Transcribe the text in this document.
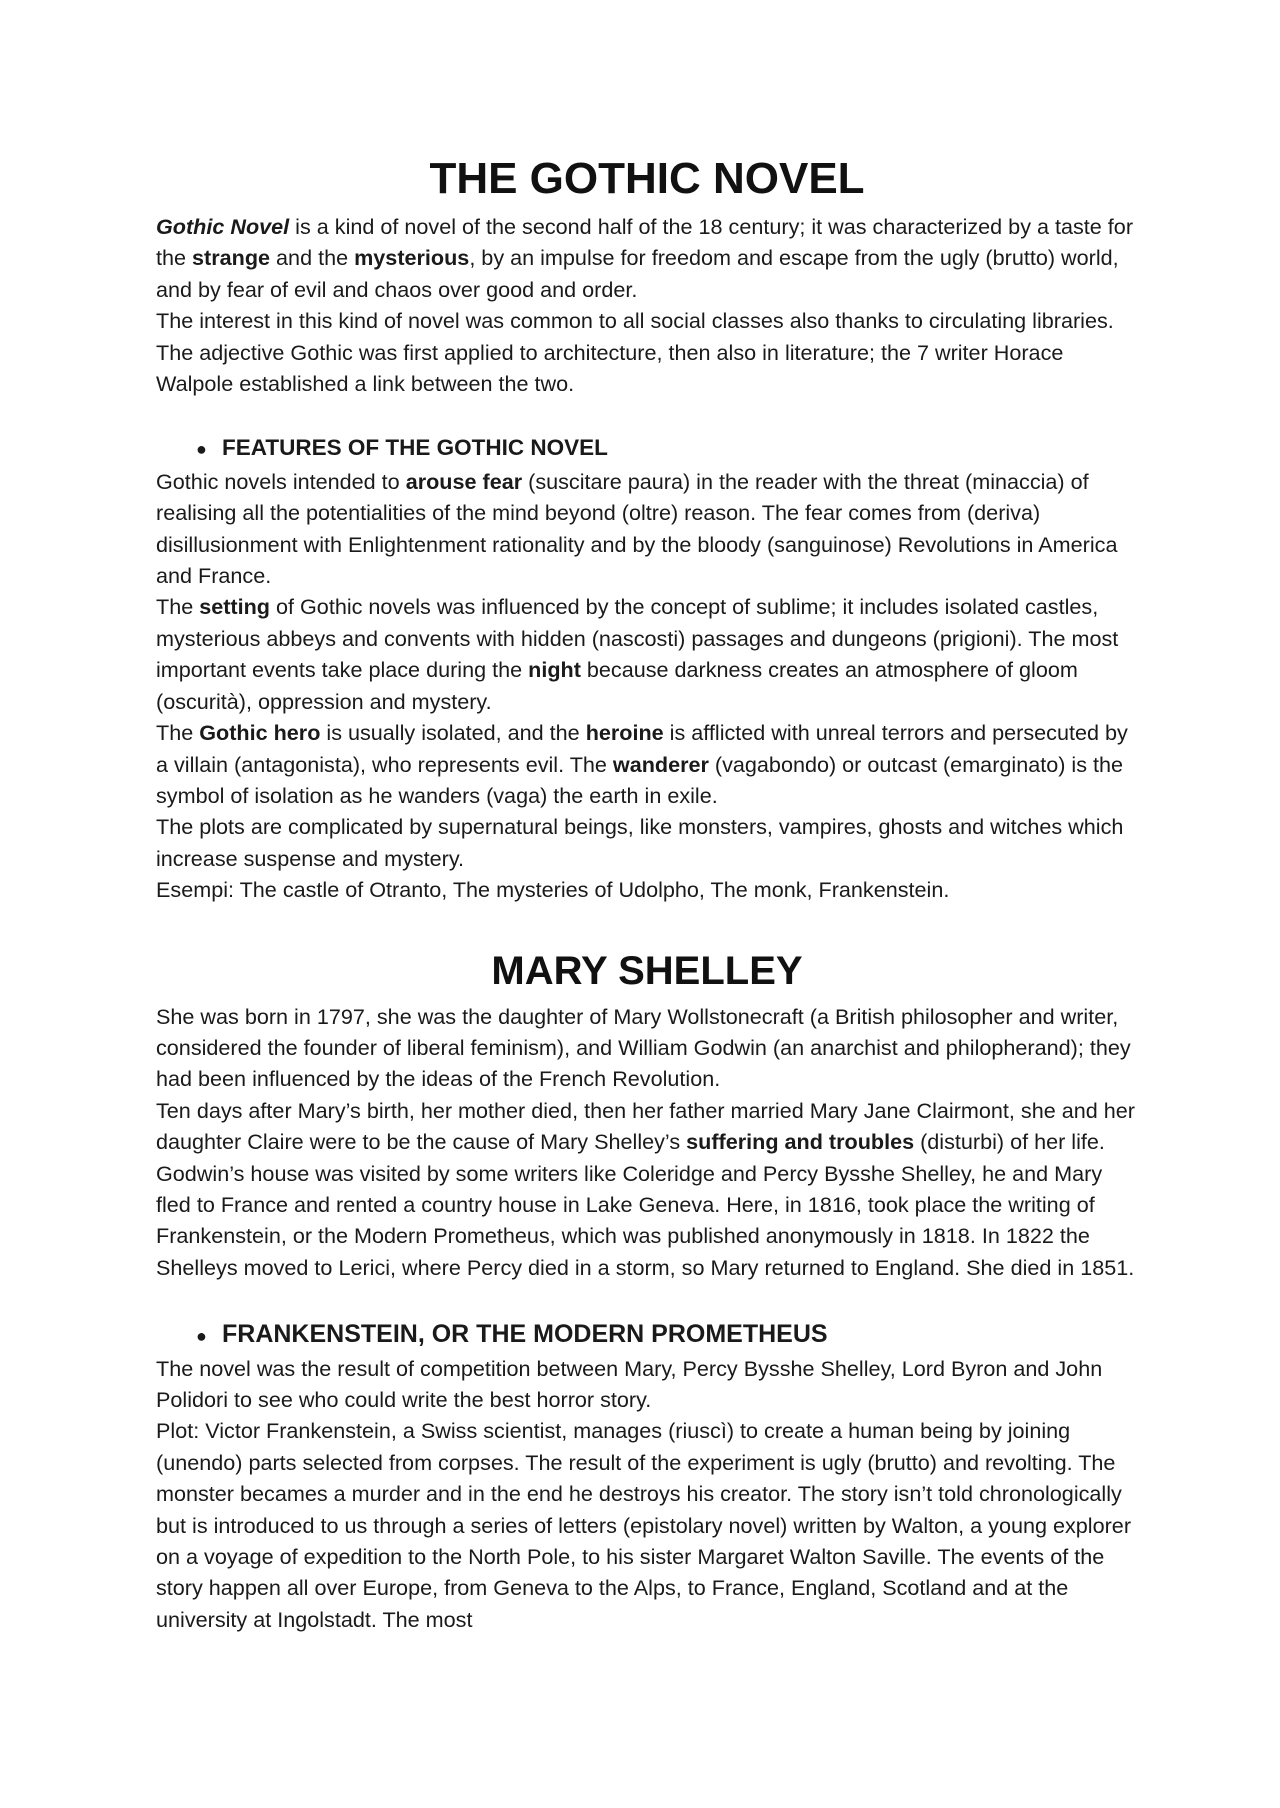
THE GOTHIC NOVEL

Gothic Novel is a kind of novel of the second half of the 18 century; it was characterized by a taste for the strange and the mysterious, by an impulse for freedom and escape from the ugly (brutto) world, and by fear of evil and chaos over good and order.

The interest in this kind of novel was common to all social classes also thanks to circulating libraries. The adjective Gothic was first applied to architecture, then also in literature; the 7 writer Horace Walpole established a link between the two.

● FEATURES OF THE GOTHIC NOVEL

Gothic novels intended to arouse fear (suscitare paura) in the reader with the threat (minaccia) of realising all the potentialities of the mind beyond (oltre) reason. The fear comes from (deriva) disillusionment with Enlightenment rationality and by the bloody (sanguinose) Revolutions in America and France.

The setting of Gothic novels was influenced by the concept of sublime; it includes isolated castles, mysterious abbeys and convents with hidden (nascosti) passages and dungeons (prigioni). The most important events take place during the night because darkness creates an atmosphere of gloom (oscurità), oppression and mystery.

The Gothic hero is usually isolated, and the heroine is afflicted with unreal terrors and persecuted by a villain (antagonista), who represents evil. The wanderer (vagabondo) or outcast (emarginato) is the symbol of isolation as he wanders (vaga) the earth in exile.

The plots are complicated by supernatural beings, like monsters, vampires, ghosts and witches which increase suspense and mystery.

Esempi: The castle of Otranto, The mysteries of Udolpho, The monk, Frankenstein.

MARY SHELLEY

She was born in 1797, she was the daughter of Mary Wollstonecraft (a British philosopher and writer, considered the founder of liberal feminism), and William Godwin (an anarchist and philopherand); they had been influenced by the ideas of the French Revolution.

Ten days after Mary’s birth, her mother died, then her father married Mary Jane Clairmont, she and her daughter Claire were to be the cause of Mary Shelley’s suffering and troubles (disturbi) of her life. Godwin’s house was visited by some writers like Coleridge and Percy Bysshe Shelley, he and Mary fled to France and rented a country house in Lake Geneva. Here, in 1816, took place the writing of Frankenstein, or the Modern Prometheus, which was published anonymously in 1818. In 1822 the Shelleys moved to Lerici, where Percy died in a storm, so Mary returned to England. She died in 1851.

● FRANKENSTEIN, OR THE MODERN PROMETHEUS

The novel was the result of competition between Mary, Percy Bysshe Shelley, Lord Byron and John Polidori to see who could write the best horror story.

Plot: Victor Frankenstein, a Swiss scientist, manages (riuscì) to create a human being by joining (unendo) parts selected from corpses. The result of the experiment is ugly (brutto) and revolting. The monster becames a murder and in the end he destroys his creator. The story isn’t told chronologically but is introduced to us through a series of letters (epistolary novel) written by Walton, a young explorer on a voyage of expedition to the North Pole, to his sister Margaret Walton Saville. The events of the story happen all over Europe, from Geneva to the Alps, to France, England, Scotland and at the university at Ingolstadt. The most
